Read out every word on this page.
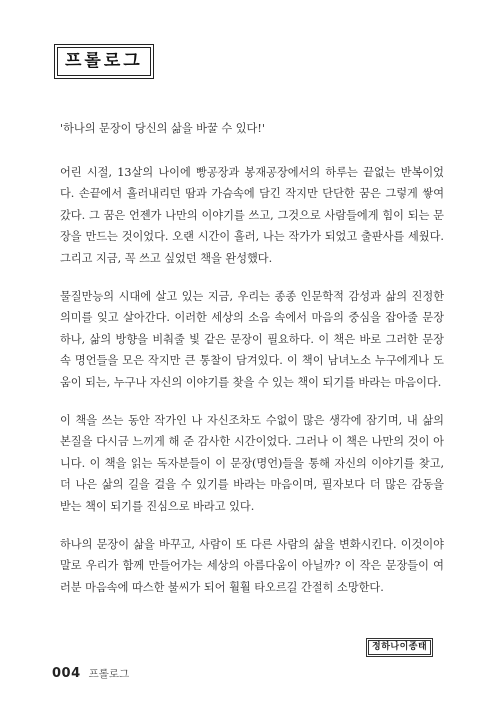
프롤로그

'하나의 문장이 당신의 삶을 바꿀 수 있다!'

어린 시절, 13살의 나이에 빵공장과 봉재공장에서의 하루는 끝없는 반복이었다. 손끝에서 흘러내리던 땀과 가슴속에 담긴 작지만 단단한 꿈은 그렇게 쌓여 갔다. 그 꿈은 언젠가 나만의 이야기를 쓰고, 그것으로 사람들에게 힘이 되는 문장을 만드는 것이었다. 오랜 시간이 흘러, 나는 작가가 되었고 출판사를 세웠다. 그리고 지금, 꼭 쓰고 싶었던 책을 완성했다.

물질만능의 시대에 살고 있는 지금, 우리는 종종 인문학적 감성과 삶의 진정한 의미를 잊고 살아간다. 이러한 세상의 소음 속에서 마음의 중심을 잡아줄 문장 하나, 삶의 방향을 비춰줄 빛 같은 문장이 필요하다. 이 책은 바로 그러한 문장 속 명언들을 모은 작지만 큰 통찰이 담겨있다. 이 책이 남녀노소 누구에게나 도움이 되는, 누구나 자신의 이야기를 찾을 수 있는 책이 되기를 바라는 마음이다.

이 책을 쓰는 동안 작가인 나 자신조차도 수없이 많은 생각에 잠기며, 내 삶의 본질을 다시금 느끼게 해 준 감사한 시간이었다. 그러나 이 책은 나만의 것이 아니다. 이 책을 읽는 독자분들이 이 문장(명언)들을 통해 자신의 이야기를 찾고, 더 나은 삶의 길을 걸을 수 있기를 바라는 마음이며, 필자보다 더 많은 감동을 받는 책이 되기를 진심으로 바라고 있다.

하나의 문장이 삶을 바꾸고, 사람이 또 다른 사람의 삶을 변화시킨다. 이것이야말로 우리가 함께 만들어가는 세상의 아름다움이 아닐까? 이 작은 문장들이 여러분 마음속에 따스한 불씨가 되어 훨훨 타오르길 간절히 소망한다.

정하나이종태
004 프롤로그
